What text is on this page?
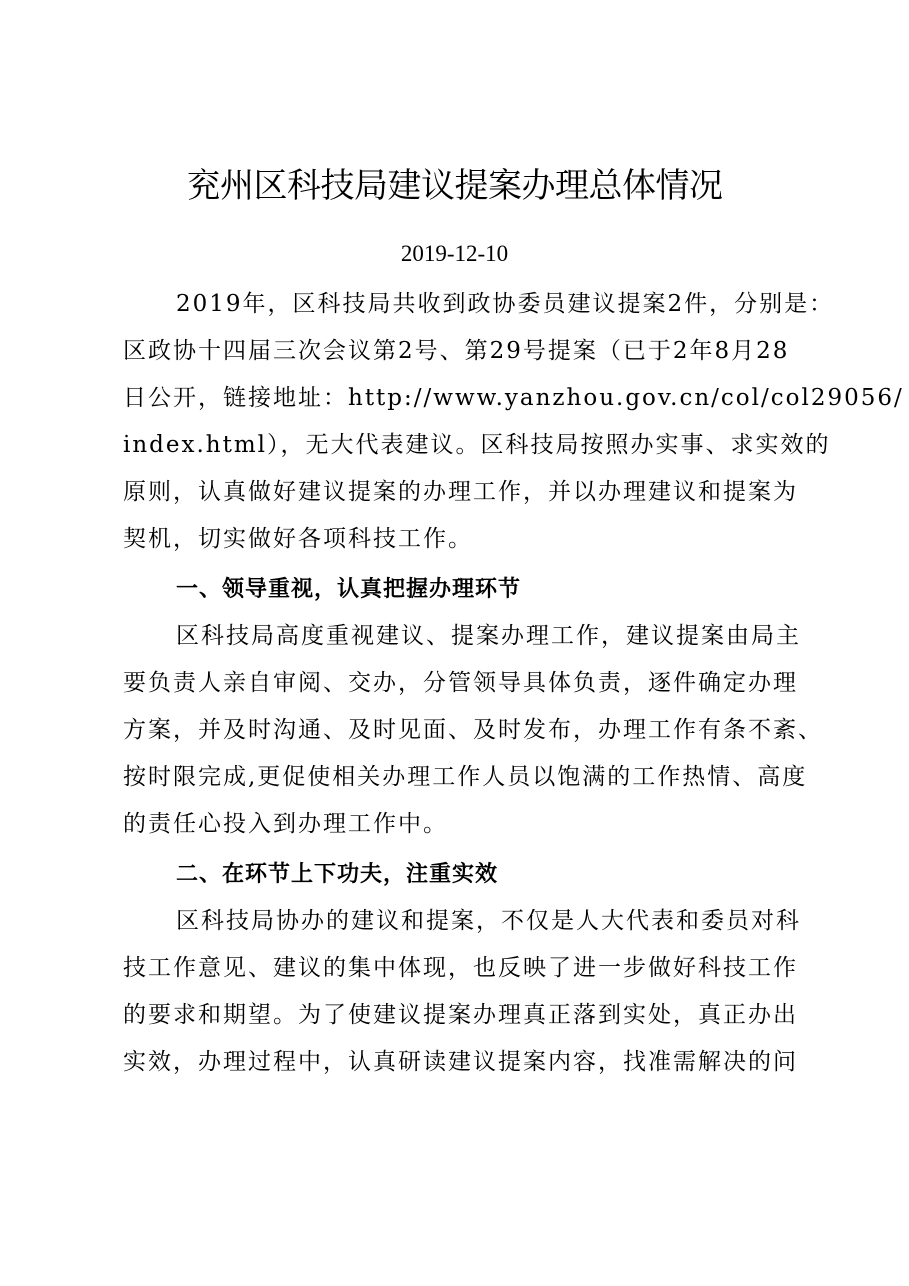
兖州区科技局建议提案办理总体情况
2019-12-10
2019年，区科技局共收到政协委员建议提案2件，分别是：
区政协十四届三次会议第2号、第29号提案（已于2年8月28
日公开，链接地址：http://www.yanzhou.gov.cn/col/col29056/
index.html），无大代表建议。区科技局按照办实事、求实效的
原则，认真做好建议提案的办理工作，并以办理建议和提案为
契机，切实做好各项科技工作。
一、领导重视，认真把握办理环节
区科技局高度重视建议、提案办理工作，建议提案由局主
要负责人亲自审阅、交办，分管领导具体负责，逐件确定办理
方案，并及时沟通、及时见面、及时发布，办理工作有条不紊、
按时限完成,更促使相关办理工作人员以饱满的工作热情、高度
的责任心投入到办理工作中。
二、在环节上下功夫，注重实效
区科技局协办的建议和提案，不仅是人大代表和委员对科
技工作意见、建议的集中体现，也反映了进一步做好科技工作
的要求和期望。为了使建议提案办理真正落到实处，真正办出
实效，办理过程中，认真研读建议提案内容，找准需解决的问
